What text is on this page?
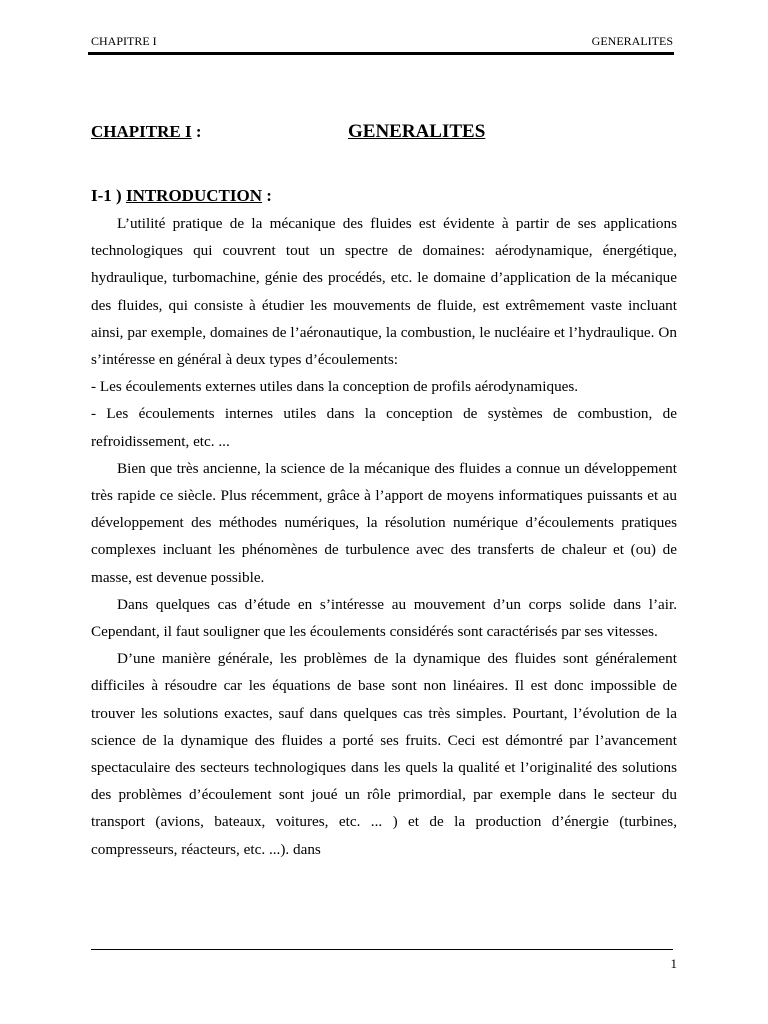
CHAPITRE I	GENERALITES
CHAPITRE I :	GENERALITES
I-1 ) INTRODUCTION :

L’utilité pratique de la mécanique des fluides est évidente à partir de ses applications technologiques qui couvrent tout un spectre de domaines: aérodynamique, énergétique, hydraulique, turbomachine, génie des procédés, etc. le domaine d’application de la mécanique des fluides, qui consiste à étudier les mouvements de fluide, est extrêmement vaste incluant ainsi, par exemple, domaines de l’aéronautique, la combustion, le nucléaire et l’hydraulique. On s’intéresse en général à deux types d’écoulements:

- Les écoulements externes utiles dans la conception de profils aérodynamiques.

- Les écoulements internes utiles dans la conception de systèmes de combustion, de refroidissement, etc. ...

Bien que très ancienne, la science de la mécanique des fluides a connue un développement très rapide ce siècle. Plus récemment, grâce à l’apport de moyens informatiques puissants et au développement des méthodes numériques, la résolution numérique d’écoulements pratiques complexes incluant les phénomènes de turbulence avec des transferts de chaleur et (ou) de masse, est devenue possible.

Dans quelques cas d’étude en s’intéresse au mouvement d’un corps solide dans l’air. Cependant, il faut souligner que les écoulements considérés sont caractérisés par ses vitesses.

D’une manière générale, les problèmes de la dynamique des fluides sont généralement difficiles à résoudre car les équations de base sont non linéaires. Il est donc impossible de trouver les solutions exactes, sauf dans quelques cas très simples. Pourtant, l’évolution de la science de la dynamique des fluides a porté ses fruits. Ceci est démontré par l’avancement spectaculaire des secteurs technologiques dans les quels la qualité et l’originalité des solutions des problèmes d’écoulement sont joué un rôle primordial, par exemple dans le secteur du transport (avions, bateaux, voitures, etc. ... ) et de la production d’énergie (turbines, compresseurs, réacteurs, etc. ...). dans

1
